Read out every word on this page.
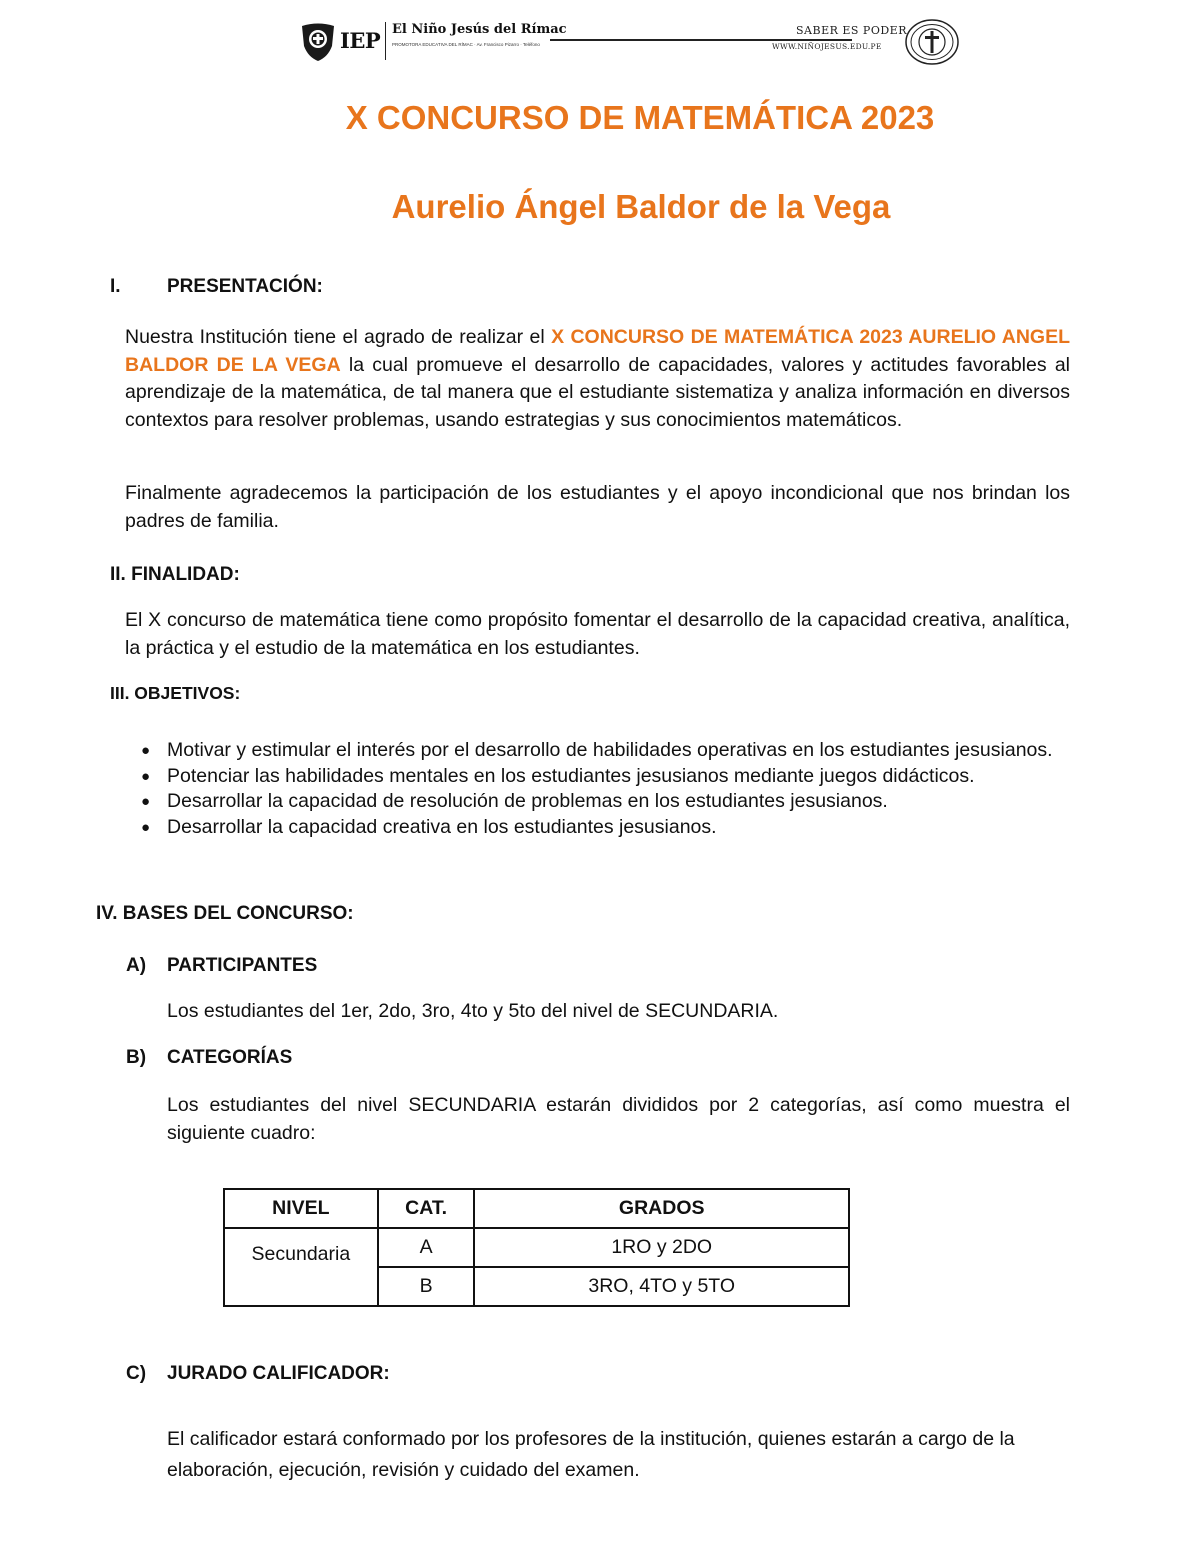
IEP El Niño Jesús del Rímac
PROMOTORA EDUCATIVA DEL RÍMAC · Av. Francisco Pizarro · Teléfono
SABER ES PODER
WWW.NIÑOJESUS.EDU.PE
X CONCURSO DE MATEMÁTICA 2023
Aurelio Ángel Baldor de la Vega
I. PRESENTACIÓN:

Nuestra Institución tiene el agrado de realizar el X CONCURSO DE MATEMÁTICA 2023 AURELIO ANGEL BALDOR DE LA VEGA la cual promueve el desarrollo de capacidades, valores y actitudes favorables al aprendizaje de la matemática, de tal manera que el estudiante sistematiza y analiza información en diversos contextos para resolver problemas, usando estrategias y sus conocimientos matemáticos.

Finalmente agradecemos la participación de los estudiantes y el apoyo incondicional que nos brindan los padres de familia.

II. FINALIDAD:

El X concurso de matemática tiene como propósito fomentar el desarrollo de la capacidad creativa, analítica, la práctica y el estudio de la matemática en los estudiantes.

III. OBJETIVOS:
● Motivar y estimular el interés por el desarrollo de habilidades operativas en los estudiantes jesusianos.
● Potenciar las habilidades mentales en los estudiantes jesusianos mediante juegos didácticos.
● Desarrollar la capacidad de resolución de problemas en los estudiantes jesusianos.
● Desarrollar la capacidad creativa en los estudiantes jesusianos.
IV. BASES DEL CONCURSO:
A) PARTICIPANTES

Los estudiantes del 1er, 2do, 3ro, 4to y 5to del nivel de SECUNDARIA.

B) CATEGORÍAS

Los estudiantes del nivel SECUNDARIA estarán divididos por 2 categorías, así como muestra el siguiente cuadro:

NIVEL	CAT.	GRADOS
Secundaria	A	1RO y 2DO
	B	3RO, 4TO y 5TO
C) JURADO CALIFICADOR:

El calificador estará conformado por los profesores de la institución, quienes estarán a cargo de la elaboración, ejecución, revisión y cuidado del examen.
